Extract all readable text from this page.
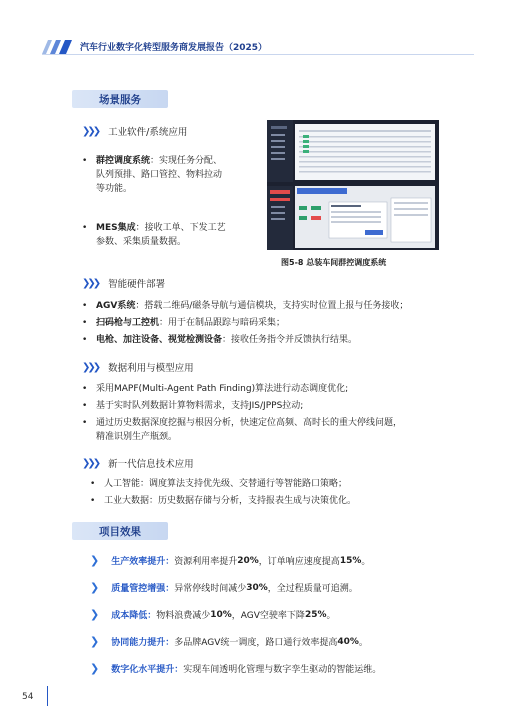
汽车行业数字化转型服务商发展报告（2025）
场景服务
❯❯❯ 工业软件/系统应用
• 群控调度系统：实现任务分配、
队列预排、路口管控、物料拉动
等功能。
• MES集成：接收工单、下发工艺
参数、采集质量数据。
图5-8 总装车间群控调度系统
❯❯❯ 智能硬件部署
• AGV系统：搭载二维码/磁条导航与通信模块，支持实时位置上报与任务接收；
• 扫码枪与工控机：用于在制品跟踪与暗码采集；
• 电枪、加注设备、视觉检测设备：接收任务指令并反馈执行结果。
❯❯❯ 数据利用与模型应用
• 采用MAPF(Multi-Agent Path Finding)算法进行动态调度优化;
• 基于实时队列数据计算物料需求，支持JIS/JPPS拉动;
• 通过历史数据深度挖掘与根因分析，快速定位高频、高时长的重大停线问题，
精准识别生产瓶颈。
❯❯❯ 新一代信息技术应用
• 人工智能：调度算法支持优先级、交替通行等智能路口策略；
• 工业大数据：历史数据存储与分析，支持报表生成与决策优化。
项目效果
❯ 生产效率提升： 资源利用率提升 20% ，订单响应速度提高 15% 。
❯ 质量管控增强： 异常停线时间减少 30% ，全过程质量可追溯。
❯ 成本降低： 物料浪费减少 10% ，AGV空驶率下降 25% 。
❯ 协同能力提升： 多品牌AGV统一调度，路口通行效率提高 40% 。
❯ 数字化水平提升： 实现车间透明化管理与数字孪生驱动的智能运维。
54
